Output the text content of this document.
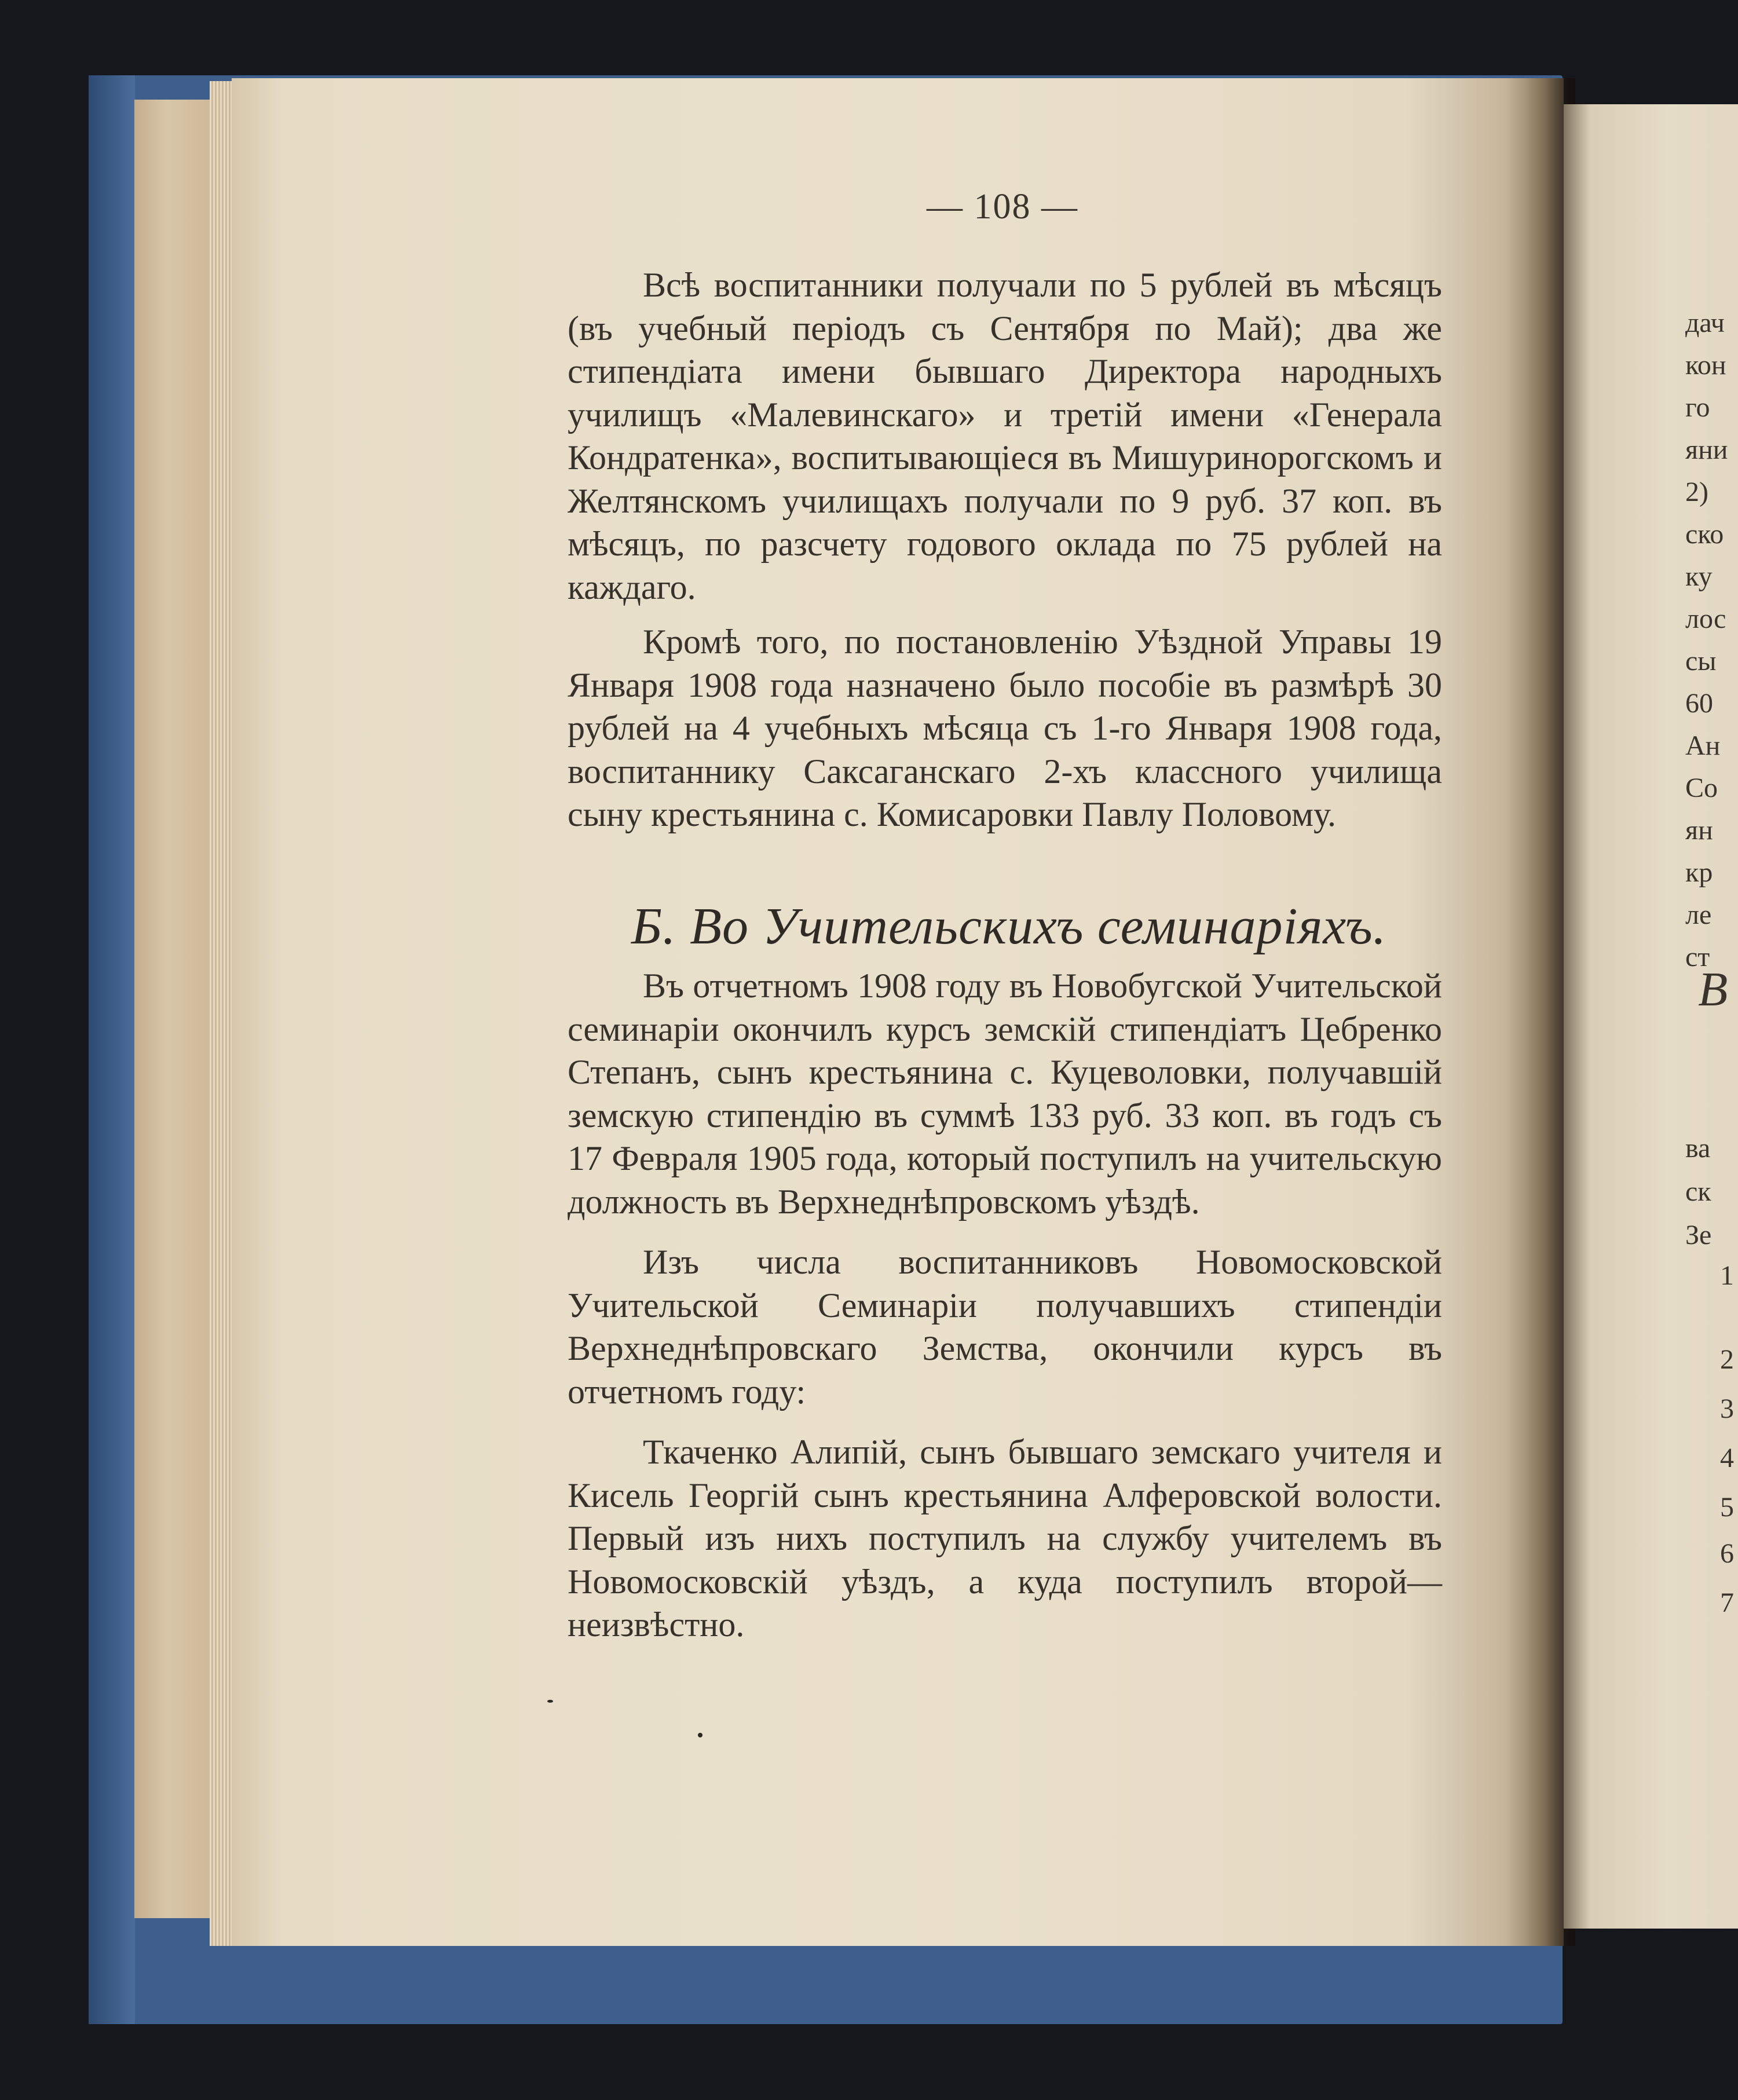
дач
кон
го
яни
2)
ско
ку
лос
сы
60
Ан
Со
ян
кр
ле
ст
В
ва
ск
Зе
1
2
3
4
5
6
7
— 108 —

Всѣ воспитанники получали по 5 рублей въ мѣсяцъ (въ учебный періодъ съ Сентября по Май); два же стипендіата имени бывшаго Директора народныхъ училищъ «Малевинскаго» и третій имени «Генерала Кондратенка», воспитывающіеся въ Мишуриноpогскомъ и Желтянскомъ училищахъ получали по 9 руб. 37 коп. въ мѣсяцъ, по разсчету годового оклада по 75 рублей на каждаго.

Кромѣ того, по постановленію Уѣздной Управы 19 Января 1908 года назначено было пособіе въ размѣрѣ 30 рублей на 4 учебныхъ мѣсяца съ 1-го Января 1908 года, воспитаннику Саксаганскаго 2-хъ классного училища сыну крестьянина с. Комисаровки Павлу Половому.

Б. Во Учительскихъ семинаріяхъ.

Въ отчетномъ 1908 году въ Новобугской Учительской семинаріи окончилъ курсъ земскій стипендіатъ Цебренко Степанъ, сынъ крестьянина с. Куцеволовки, получавшій земскую стипендію въ суммѣ 133 руб. 33 коп. въ годъ съ 17 Февраля 1905 года, который поступилъ на учительскую должность въ Верхнеднѣпровскомъ уѣздѣ.

Изъ числа воспитанниковъ Новомосковской Учительской Семинаріи получавшихъ стипендіи Верхнеднѣпровскаго Земства, окончили курсъ въ отчетномъ году:

Ткаченко Алипій, сынъ бывшаго земскаго учителя и Кисель Георгій сынъ крестьянина Алферовской волости. Первый изъ нихъ поступилъ на службу учителемъ въ Новомосковскій уѣздъ, а куда поступилъ второй—неизвѣстно.
